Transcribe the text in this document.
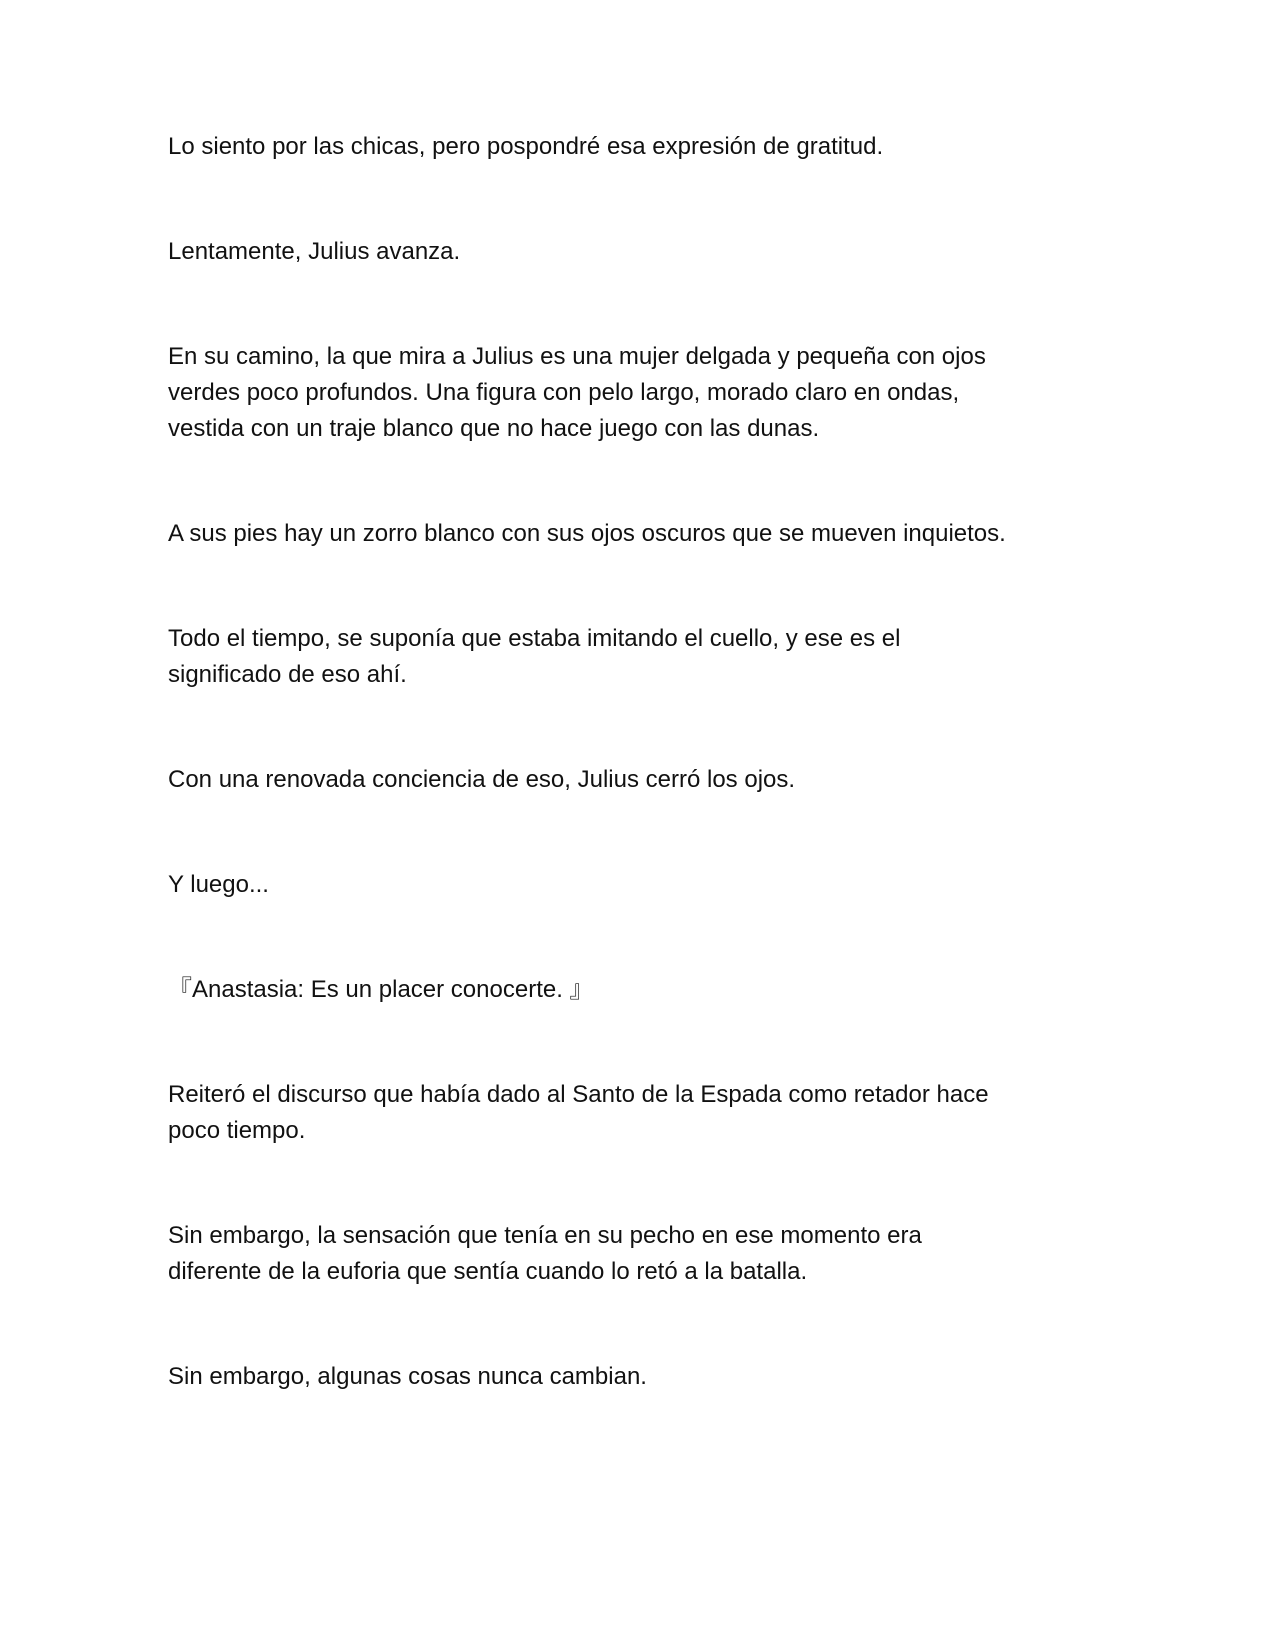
Lo siento por las chicas, pero pospondré esa expresión de gratitud.
Lentamente, Julius avanza.
En su camino, la que mira a Julius es una mujer delgada y pequeña con ojos
verdes poco profundos. Una figura con pelo largo, morado claro en ondas,
vestida con un traje blanco que no hace juego con las dunas.
A sus pies hay un zorro blanco con sus ojos oscuros que se mueven inquietos.
Todo el tiempo, se suponía que estaba imitando el cuello, y ese es el
significado de eso ahí.
Con una renovada conciencia de eso, Julius cerró los ojos.
Y luego...
『Anastasia: Es un placer conocerte. 』
Reiteró el discurso que había dado al Santo de la Espada como retador hace
poco tiempo.
Sin embargo, la sensación que tenía en su pecho en ese momento era
diferente de la euforia que sentía cuando lo retó a la batalla.
Sin embargo, algunas cosas nunca cambian.
